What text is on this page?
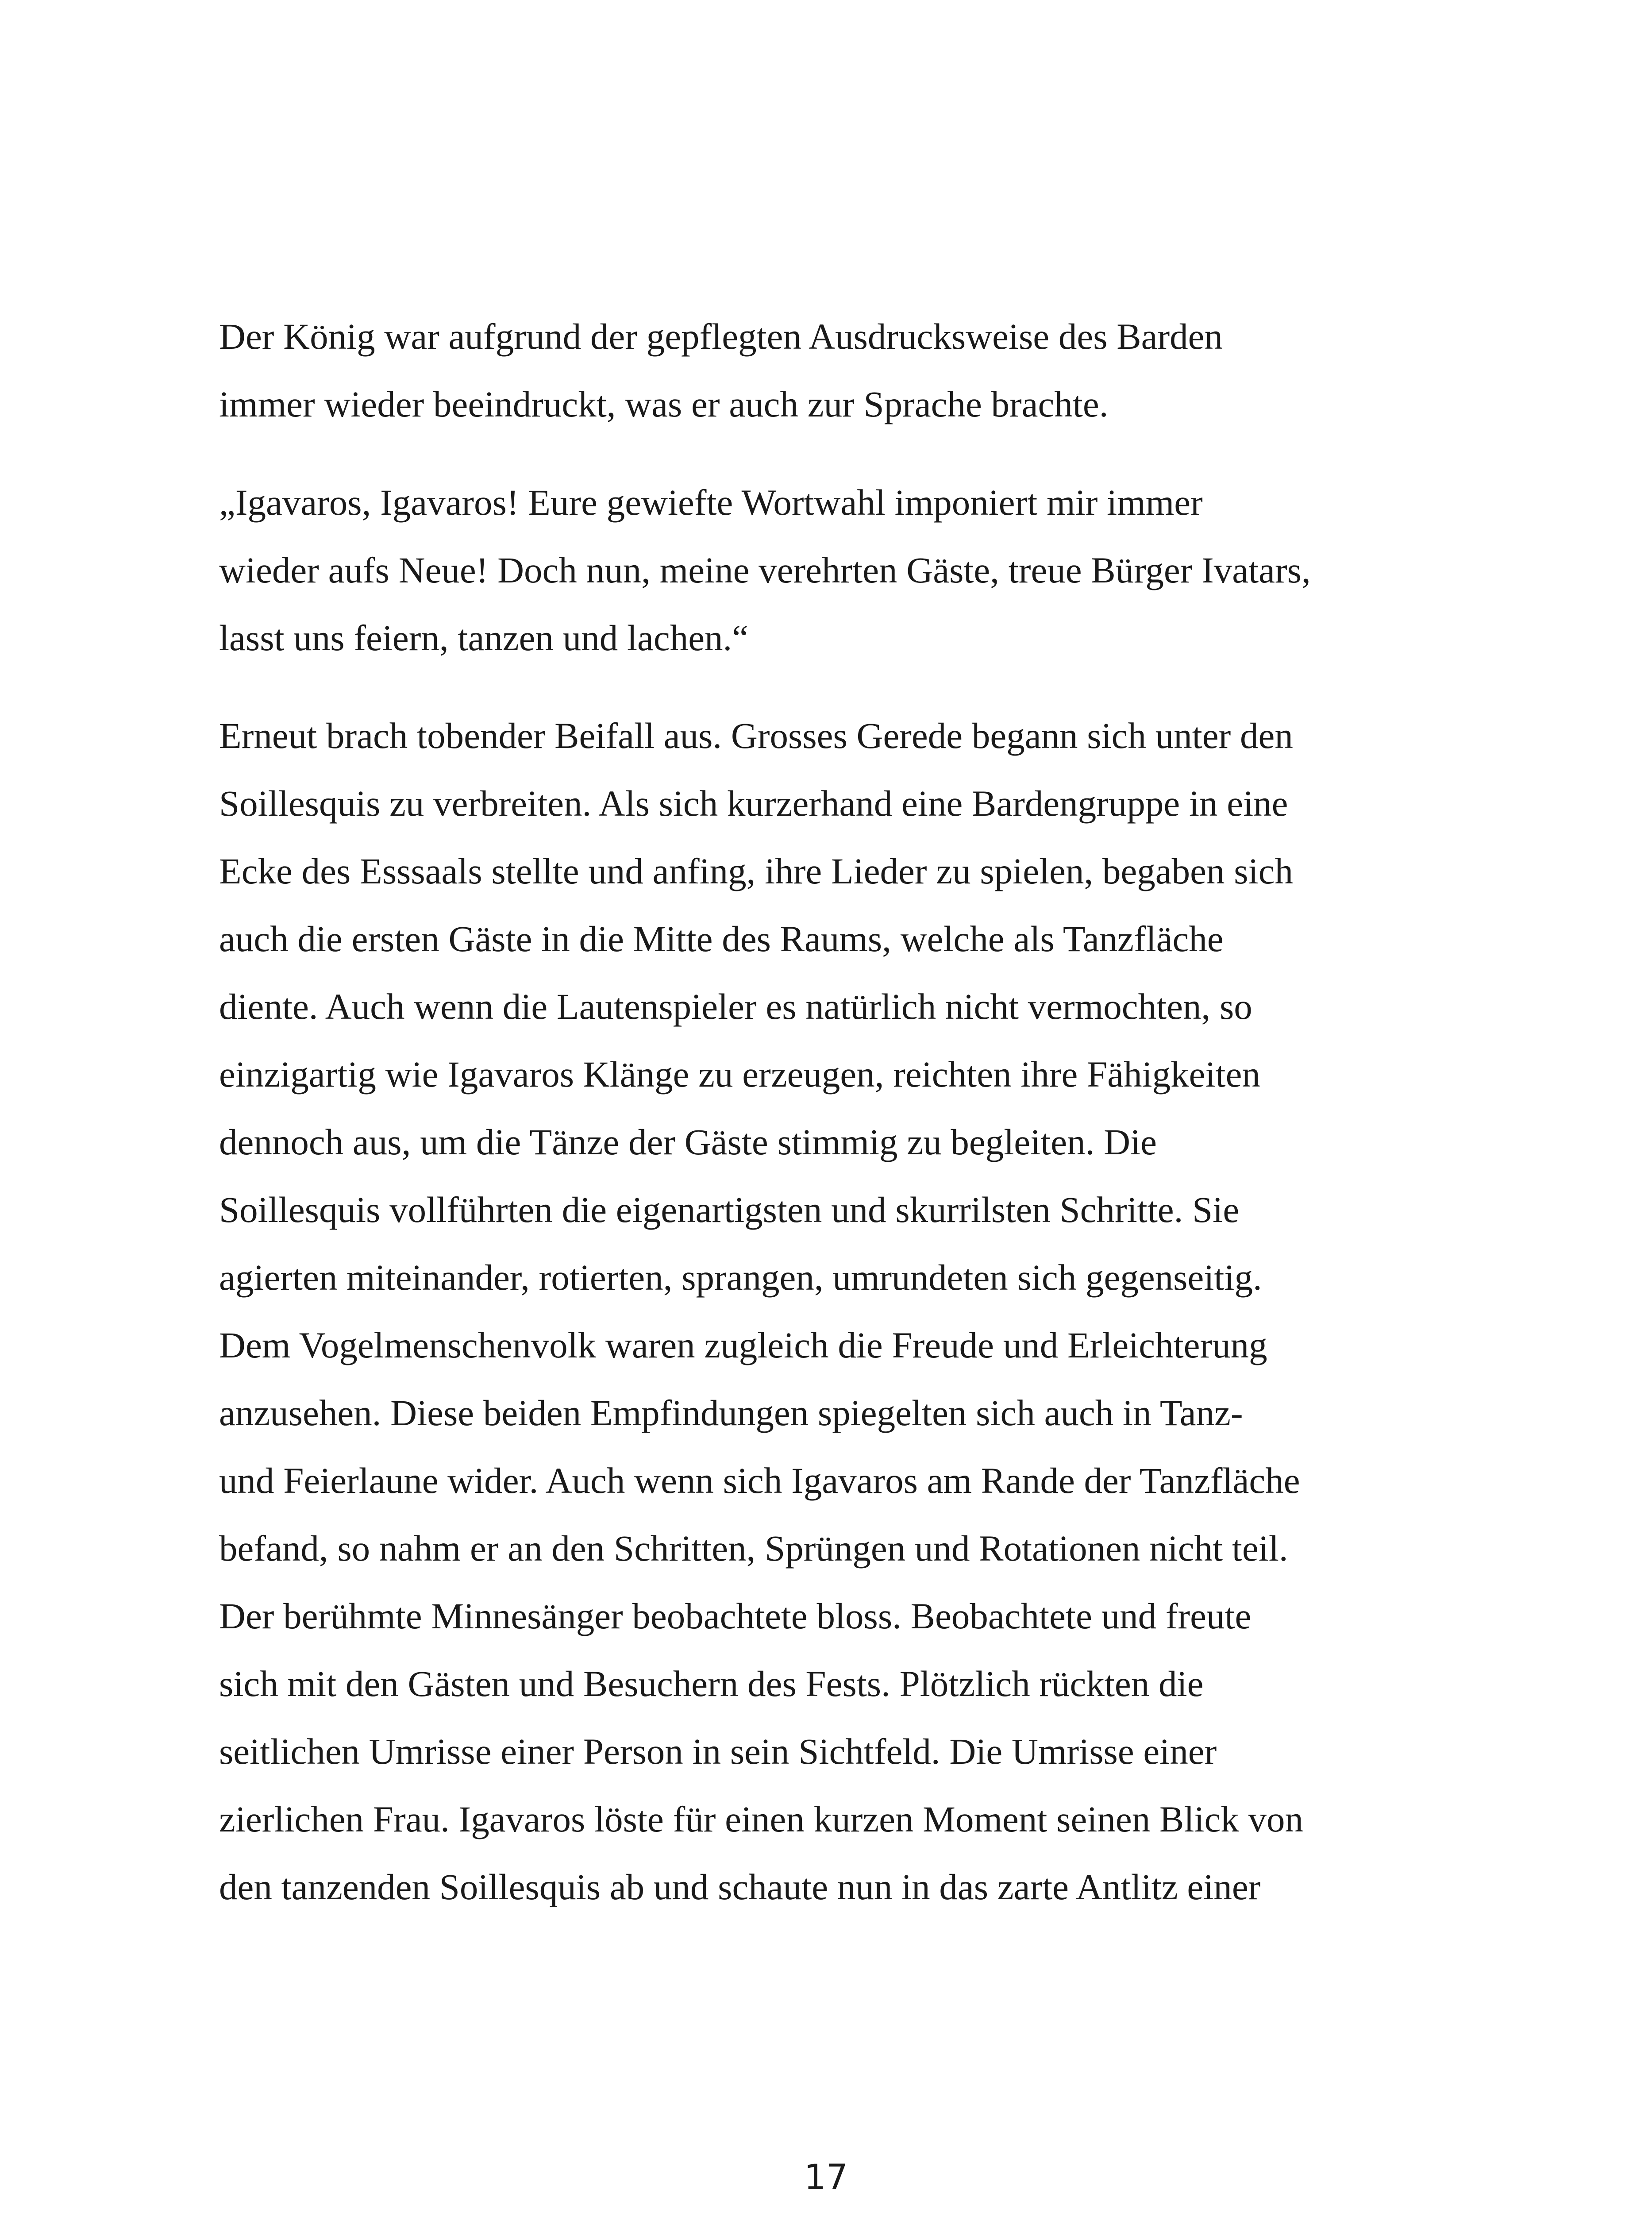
Der König war aufgrund der gepflegten Ausdrucksweise des Barden
immer wieder beeindruckt, was er auch zur Sprache brachte.
„Igavaros, Igavaros! Eure gewiefte Wortwahl imponiert mir immer
wieder aufs Neue! Doch nun, meine verehrten Gäste, treue Bürger Ivatars,
lasst uns feiern, tanzen und lachen.“
Erneut brach tobender Beifall aus. Grosses Gerede begann sich unter den
Soillesquis zu verbreiten. Als sich kurzerhand eine Bardengruppe in eine
Ecke des Esssaals stellte und anfing, ihre Lieder zu spielen, begaben sich
auch die ersten Gäste in die Mitte des Raums, welche als Tanzfläche
diente. Auch wenn die Lautenspieler es natürlich nicht vermochten, so
einzigartig wie Igavaros Klänge zu erzeugen, reichten ihre Fähigkeiten
dennoch aus, um die Tänze der Gäste stimmig zu begleiten. Die
Soillesquis vollführten die eigenartigsten und skurrilsten Schritte. Sie
agierten miteinander, rotierten, sprangen, umrundeten sich gegenseitig.
Dem Vogelmenschenvolk waren zugleich die Freude und Erleichterung
anzusehen. Diese beiden Empfindungen spiegelten sich auch in Tanz-
und Feierlaune wider. Auch wenn sich Igavaros am Rande der Tanzfläche
befand, so nahm er an den Schritten, Sprüngen und Rotationen nicht teil.
Der berühmte Minnesänger beobachtete bloss. Beobachtete und freute
sich mit den Gästen und Besuchern des Fests. Plötzlich rückten die
seitlichen Umrisse einer Person in sein Sichtfeld. Die Umrisse einer
zierlichen Frau. Igavaros löste für einen kurzen Moment seinen Blick von
den tanzenden Soillesquis ab und schaute nun in das zarte Antlitz einer
17
